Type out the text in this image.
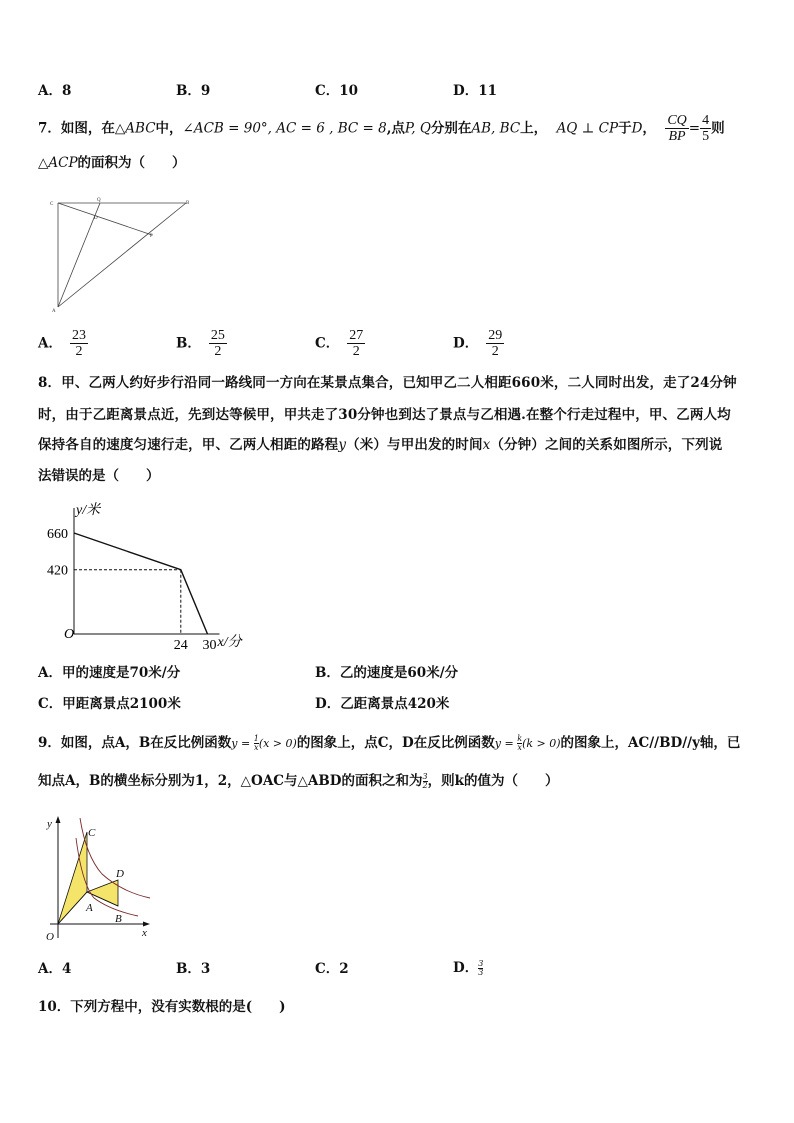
A．8	B．9	C．10	D．11
7．如图，在△ABC中，∠ACB = 90°, AC = 6 , BC = 8,点P, Q分别在AB, BC上， AQ ⊥ CP于D， $\frac{CQ}{BP} = \frac{4}{5}$ 则
△ACP的面积为（　　）
C
Q
B
D
P
A
A． $\frac{23}{2}$	B． $\frac{25}{2}$	C． $\frac{27}{2}$	D． $\frac{29}{2}$
8．甲、乙两人约好步行沿同一路线同一方向在某景点集合，已知甲乙二人相距660米，二人同时出发，走了24分钟
时，由于乙距离景点近，先到达等候甲，甲共走了30分钟也到达了景点与乙相遇.在整个行走过程中，甲、乙两人均
保持各自的速度匀速行走，甲、乙两人相距的路程y（米）与甲出发的时间x（分钟）之间的关系如图所示，下列说
法错误的是（　　）
y/米
x/分
O
660
420
24 30
A．甲的速度是70米/分	B．乙的速度是60米/分
C．甲距离景点2100米	D．乙距离景点420米
9．如图，点A，B在反比例函数$y = \frac{1}{x} (x > 0)$的图象上，点C，D在反比例函数$y = \frac{k}{x} (k > 0)$的图象上，AC//BD//y轴，已
知点A，B的横坐标分别为1，2，△OAC与△ABD的面积之和为 $\frac{3}{2}$ ，则k的值为（　　）
y
x
O
C
D
A
B
A．4	B．3	C．2	D． $\frac{3}{3}$
10．下列方程中，没有实数根的是(　　)
